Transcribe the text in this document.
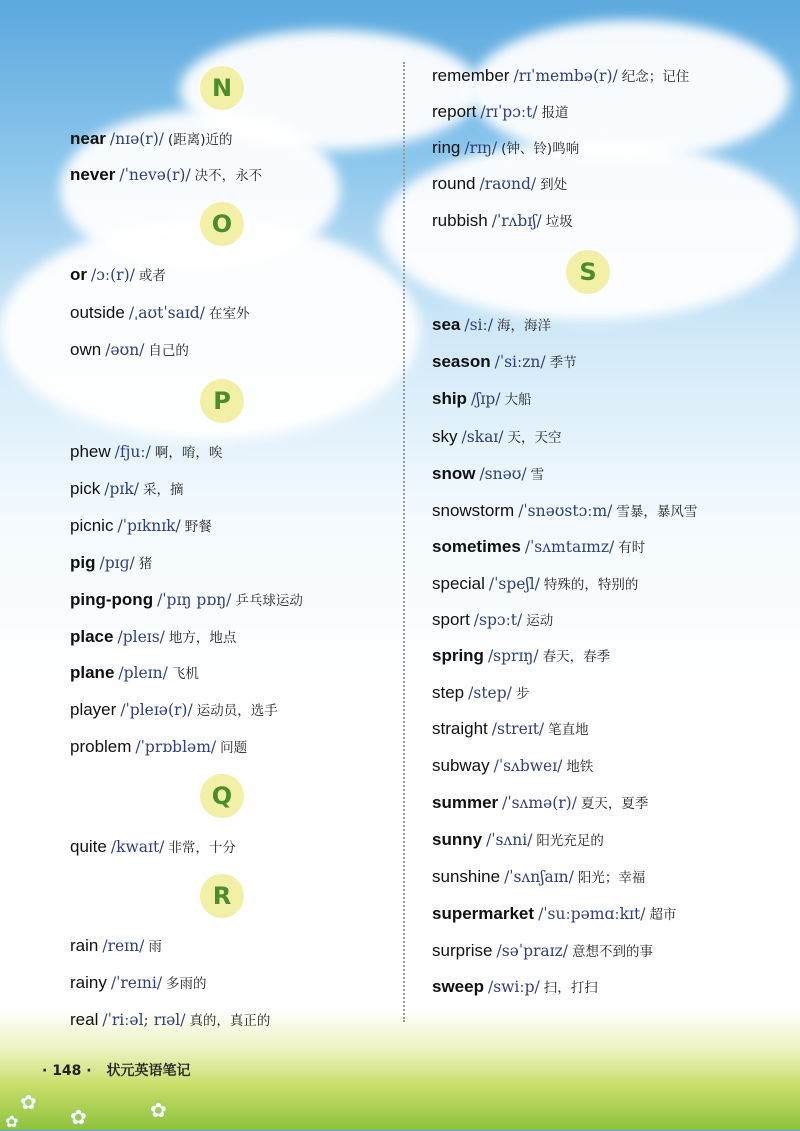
N
near /nɪə(r)/ (距离)近的
never /ˈnevə(r)/ 决不，永不
O
or /ɔː(r)/ 或者
outside /ˌaʊtˈsaɪd/ 在室外
own /əʊn/ 自己的
P
phew /fjuː/ 啊，唷，唉
pick /pɪk/ 采，摘
picnic /ˈpɪknɪk/ 野餐
pig /pɪɡ/ 猪
ping-pong /ˈpɪŋ pɒŋ/ 乒乓球运动
place /pleɪs/ 地方，地点
plane /pleɪn/ 飞机
player /ˈpleɪə(r)/ 运动员，选手
problem /ˈprɒbləm/ 问题
Q
quite /kwaɪt/ 非常，十分
R
rain /reɪn/ 雨
rainy /ˈreɪni/ 多雨的
real /ˈriːəl; rɪəl/ 真的，真正的
remember /rɪˈmembə(r)/ 纪念；记住
report /rɪˈpɔːt/ 报道
ring /rɪŋ/ (钟、铃)鸣响
round /raʊnd/ 到处
rubbish /ˈrʌbɪʃ/ 垃圾
S
sea /siː/ 海，海洋
season /ˈsiːzn/ 季节
ship /ʃɪp/ 大船
sky /skaɪ/ 天，天空
snow /snəʊ/ 雪
snowstorm /ˈsnəʊstɔːm/ 雪暴，暴风雪
sometimes /ˈsʌmtaɪmz/ 有时
special /ˈspeʃl/ 特殊的，特别的
sport /spɔːt/ 运动
spring /sprɪŋ/ 春天，春季
step /step/ 步
straight /streɪt/ 笔直地
subway /ˈsʌbweɪ/ 地铁
summer /ˈsʌmə(r)/ 夏天，夏季
sunny /ˈsʌni/ 阳光充足的
sunshine /ˈsʌnʃaɪn/ 阳光；幸福
supermarket /ˈsuːpəmɑːkɪt/ 超市
surprise /səˈpraɪz/ 意想不到的事
sweep /swiːp/ 扫，打扫
✿
✿	✿
✿
· 148 · 状元英语笔记
